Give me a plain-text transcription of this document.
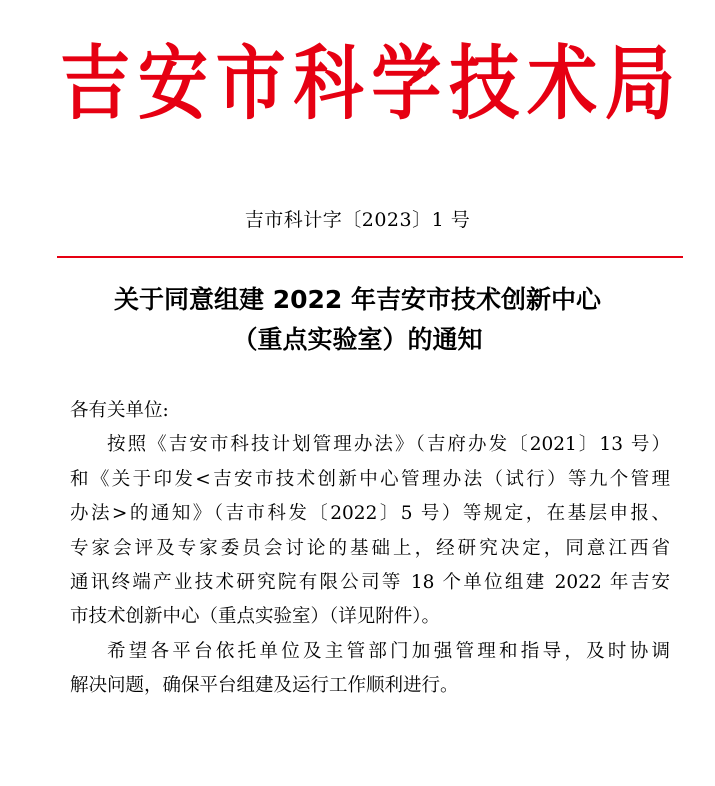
吉 安 市 科 学 技 术 局
吉市科计字〔2023〕1 号
关于同意组建 2022 年吉安市技术创新中心
（重点实验室）的通知

各有关单位:

按照《吉安市科技计划管理办法》（吉府办发〔2021〕13 号）

和《关于印发<吉安市技术创新中心管理办法（试行）等九个管理

办法>的通知》（吉市科发〔2022〕5 号）等规定，在基层申报、

专家会评及专家委员会讨论的基础上，经研究决定，同意江西省

通讯终端产业技术研究院有限公司等 18 个单位组建 2022 年吉安

市技术创新中心（重点实验室）（详见附件）。

希望各平台依托单位及主管部门加强管理和指导，及时协调

解决问题，确保平台组建及运行工作顺利进行。
